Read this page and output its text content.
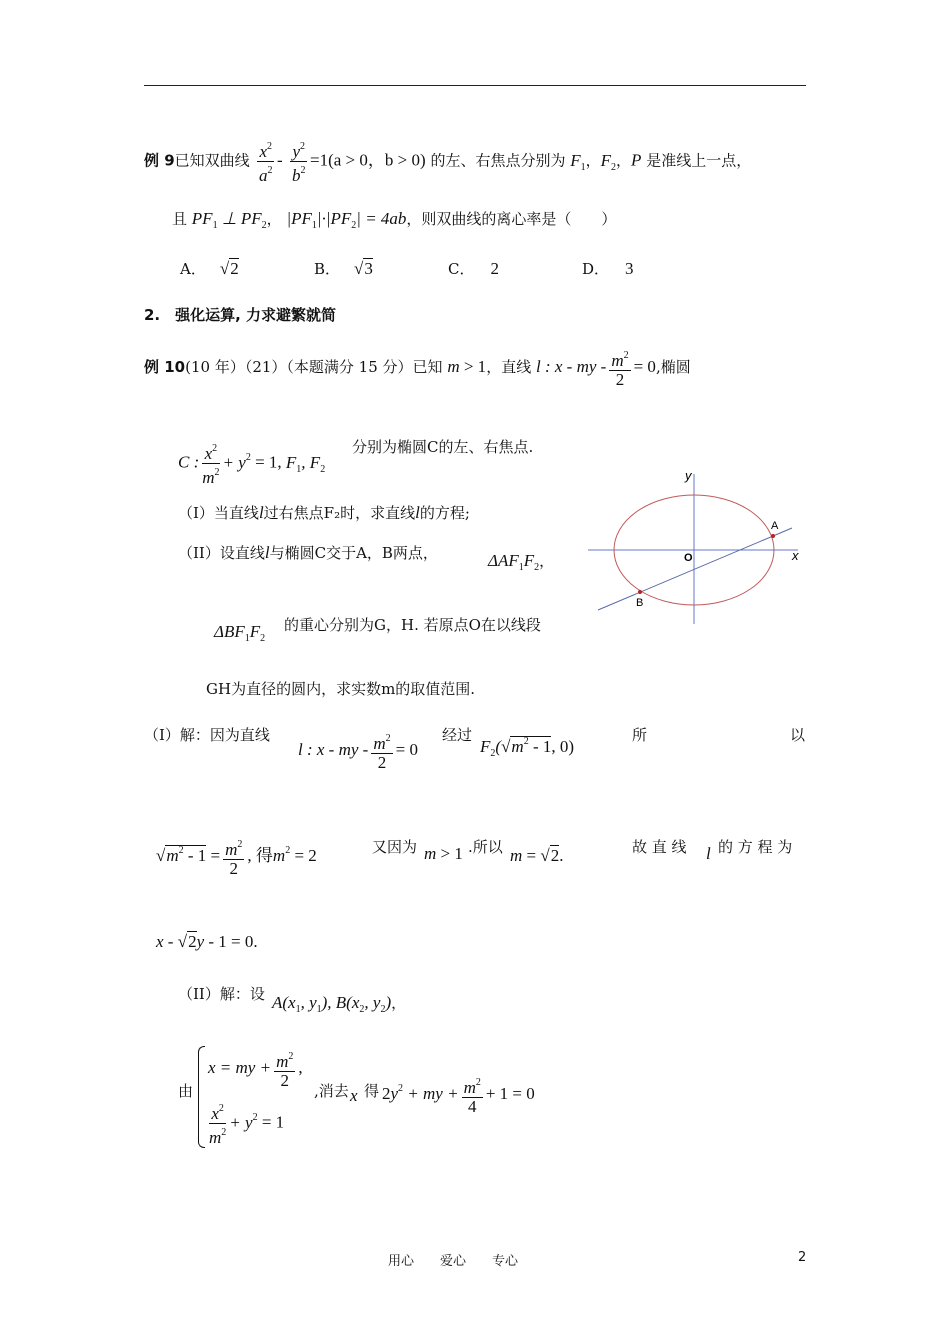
例 9已知双曲线 $\frac{x^2}{a^2} - \frac{y^2}{b^2} =1(a > 0$，b > 0) 的左、右焦点分别为 $F_1$，$F_2$，P 是准线上一点，
且 $PF_1$ ⊥ $PF_2$， $|PF_1|\cdot|PF_2| = 4ab$，则双曲线的离心率是（　　）
A． √2	B． √3	C． 2	D． 3
2.　强化运算, 力求避繁就简
例 10(10 年）（21）（本题满分 15 分）已知 m > 1，直线 l : x - my - $\frac{m^2}{2} = 0$,椭圆
C : $\frac{x^2}{m^2} + y^2 = 1$, $F_1$, $F_2$
分别为椭圆C的左、右焦点.
（I）当直线l过右焦点F₂时，求直线l的方程;
（II）设直线l与椭圆C交于A，B两点，	$\Delta AF_1F_2$，
$\Delta BF_1F_2$
的重心分别为G，H. 若原点O在以线段
GH为直径的圆内，求实数m的取值范围.
y
x
O
A
B
（I）解：因为直线
l : x - my - $\frac{m^2}{2} = 0$
经过
$F_2(√m^2 - 1$, 0)
所	以
$√m^2 - 1 = \frac{m^2}{2}$ , 得$m^2 = 2$	又因为 m > 1 .所以 m = √2.	故 直 线 l 的 方 程 为
x - √2y - 1 = 0.
（II）解：设 $A(x_1$, $y_1$), $B(x_2$, $y_2$)，
由
x = my + $\frac{m^2}{2}$ ,
$\frac{x^2}{m^2} + y^2 = 1$
,消去 x 得 $2y^2$ + my + $\frac{m^2}{4} + 1 = 0$
用心　　爱心　　专心	2
